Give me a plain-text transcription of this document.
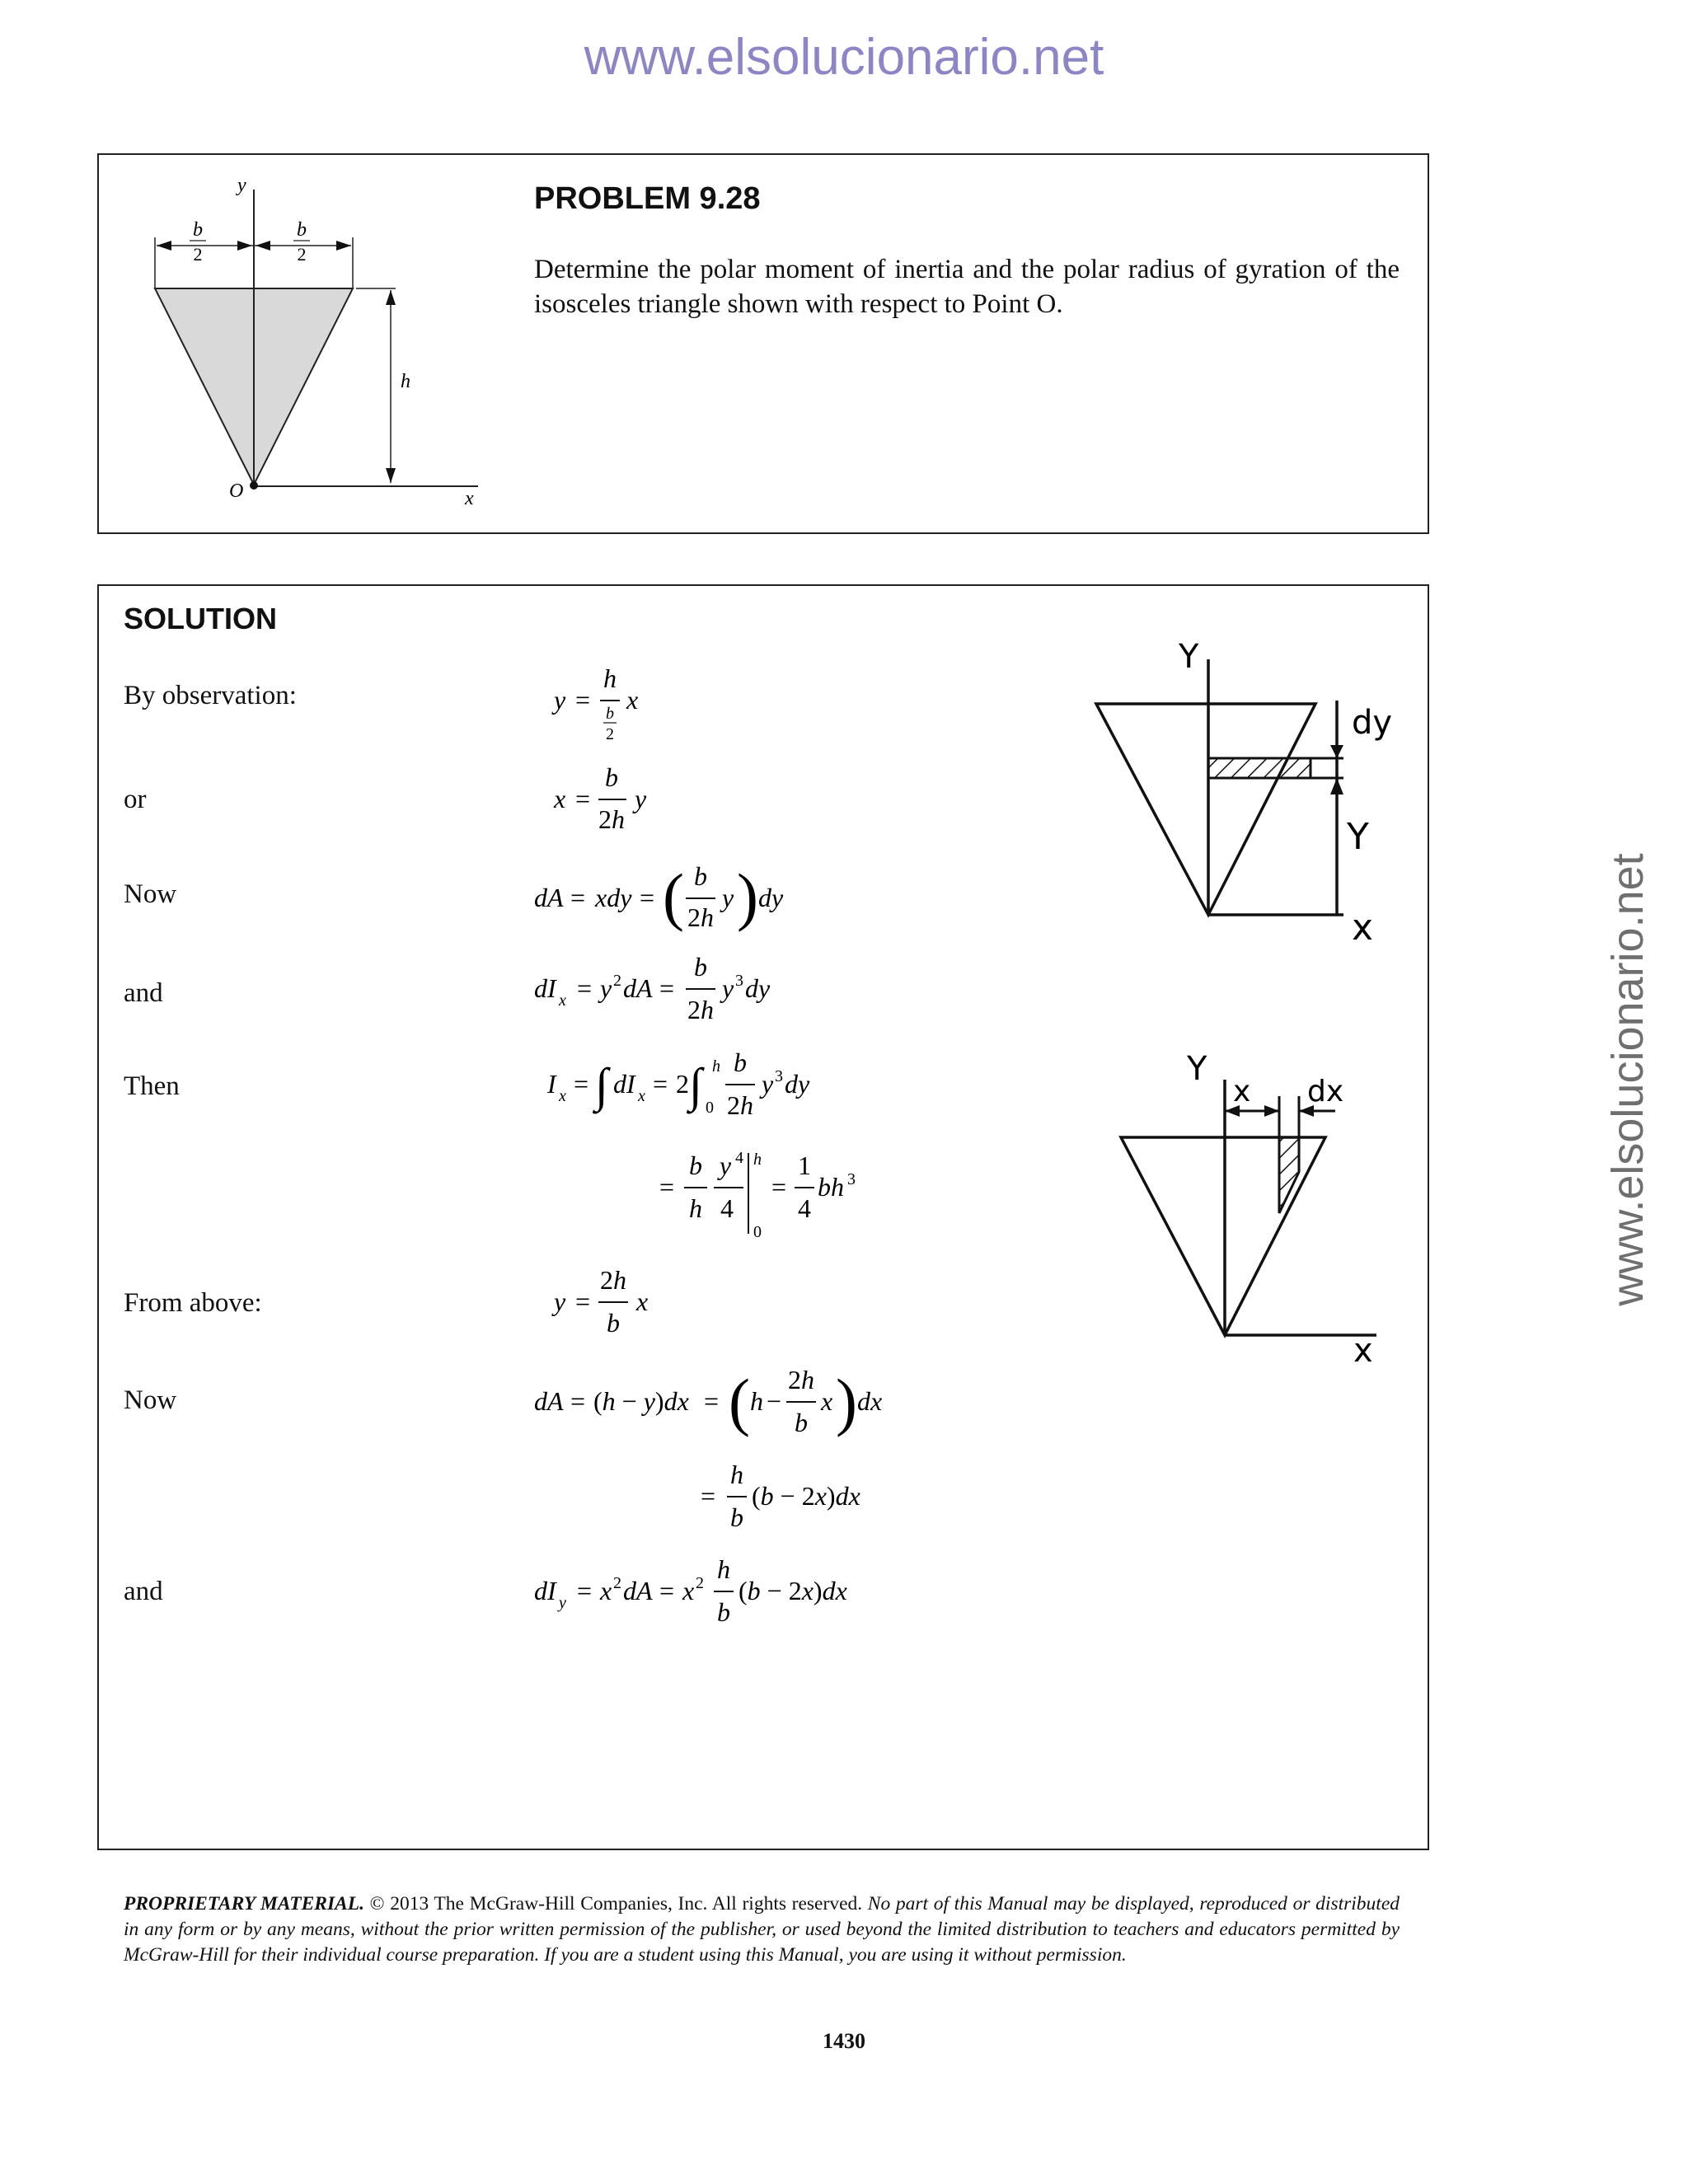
www.elsolucionario.net
www.elsolucionario.net
PROBLEM 9.28
Determine the polar moment of inertia and the polar radius of gyration of the isosceles triangle shown with respect to Point O.
y
b
2
b
2
h
O	x
SOLUTION
By observation:
or
Now
and
Then
From above:
Now
and
y =
h
b
2
x
x =
b
2h
y
dA = xdy = ( b
2h
y ) dy
dI x = y 2 dA =
b
2h
y 3 dy
I x = ∫ dI x = 2 ∫ h
0
b
2h
y 3 dy
=
b
h
y 4
4
h
0
=
1
4
bh 3
y =
2h
b
x
dA = (h − y)dx = ( h −
2h
b
x ) dx
=
h
b
(b − 2x)dx
dI y = x 2 dA = x 2 h
b
(b − 2x)dx
Y
dy
Y
x
Y
x dx
x
PROPRIETARY MATERIAL. © 2013 The McGraw-Hill Companies, Inc. All rights reserved. No part of this Manual may be displayed, reproduced or distributed in any form or by any means, without the prior written permission of the publisher, or used beyond the limited distribution to teachers and educators permitted by McGraw-Hill for their individual course preparation. If you are a student using this Manual, you are using it without permission.
1430
